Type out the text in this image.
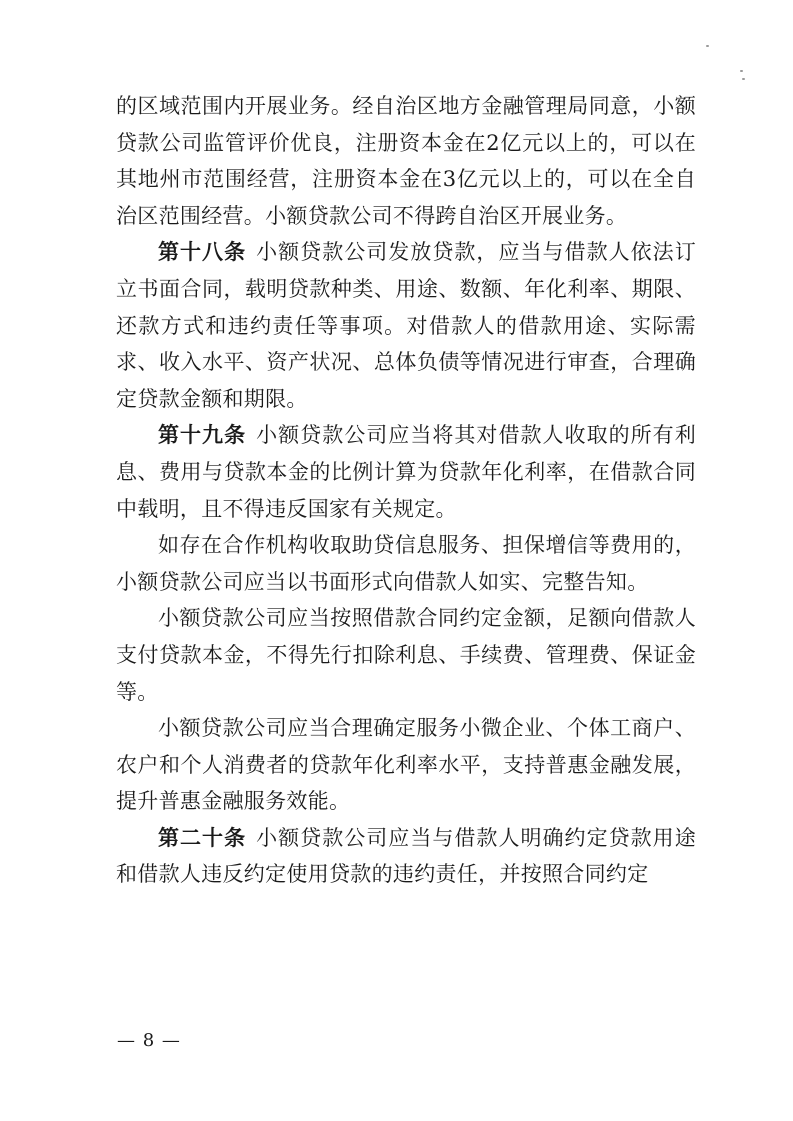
的区域范围内开展业务。经自治区地方金融管理局同意，小额贷款公司监管评价优良，注册资本金在2亿元以上的，可以在其地州市范围经营，注册资本金在3亿元以上的，可以在全自治区范围经营。小额贷款公司不得跨自治区开展业务。

第十八条 小额贷款公司发放贷款，应当与借款人依法订立书面合同，载明贷款种类、用途、数额、年化利率、期限、还款方式和违约责任等事项。对借款人的借款用途、实际需求、收入水平、资产状况、总体负债等情况进行审查，合理确定贷款金额和期限。

第十九条 小额贷款公司应当将其对借款人收取的所有利息、费用与贷款本金的比例计算为贷款年化利率，在借款合同中载明，且不得违反国家有关规定。

如存在合作机构收取助贷信息服务、担保增信等费用的，小额贷款公司应当以书面形式向借款人如实、完整告知。

小额贷款公司应当按照借款合同约定金额，足额向借款人支付贷款本金，不得先行扣除利息、手续费、管理费、保证金等。

小额贷款公司应当合理确定服务小微企业、个体工商户、农户和个人消费者的贷款年化利率水平，支持普惠金融发展，提升普惠金融服务效能。

第二十条 小额贷款公司应当与借款人明确约定贷款用途和借款人违反约定使用贷款的违约责任，并按照合同约定

— 8 —
